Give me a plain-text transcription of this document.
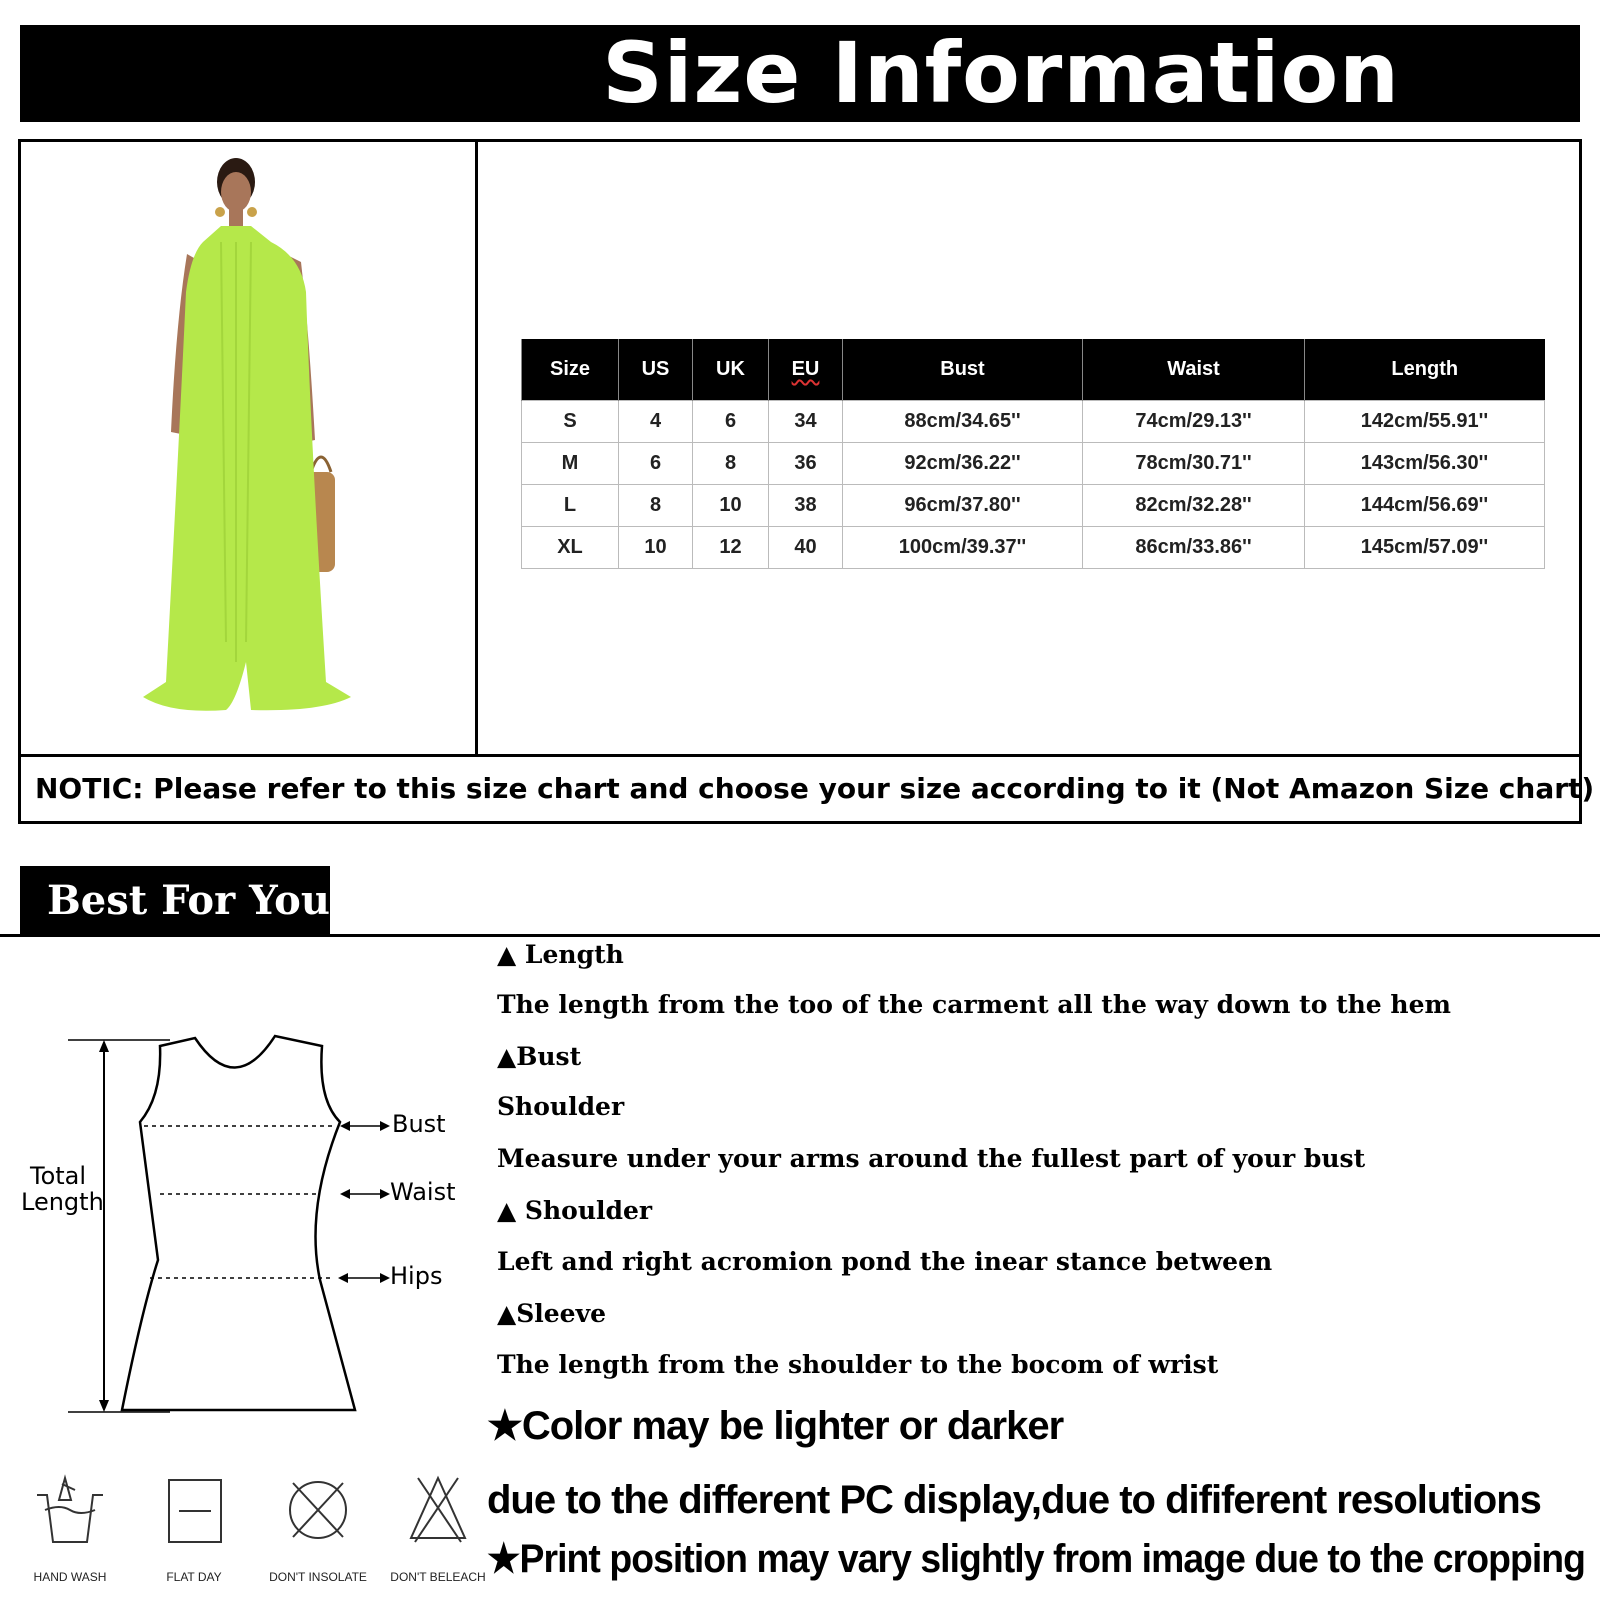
Size Information
Size	US	UK	EU	Bust	Waist	Length
S	4	6	34	88cm/34.65''	74cm/29.13''	142cm/55.91''
M	6	8	36	92cm/36.22''	78cm/30.71''	143cm/56.30''
L	8	10	38	96cm/37.80''	82cm/32.28''	144cm/56.69''
XL	10	12	40	100cm/39.37''	86cm/33.86''	145cm/57.09''
NOTIC: Please refer to this size chart and choose your size according to it (Not Amazon Size chart)
Best For You
Total
Length
Bust
Waist
Hips
HAND WASH	FLAT DAY	DON'T INSOLATE	DON'T BELEACH
▲ Length
The length from the too of the carment all the way down to the hem
▲Bust
Shoulder
Measure under your arms around the fullest part of your bust
▲ Shoulder
Left and right acromion pond the inear stance between
▲Sleeve
The length from the shoulder to the bocom of wrist
★Color may be lighter or darker
due to the different PC display,due to dififerent resolutions
★Print position may vary slightly from image due to the cropping
